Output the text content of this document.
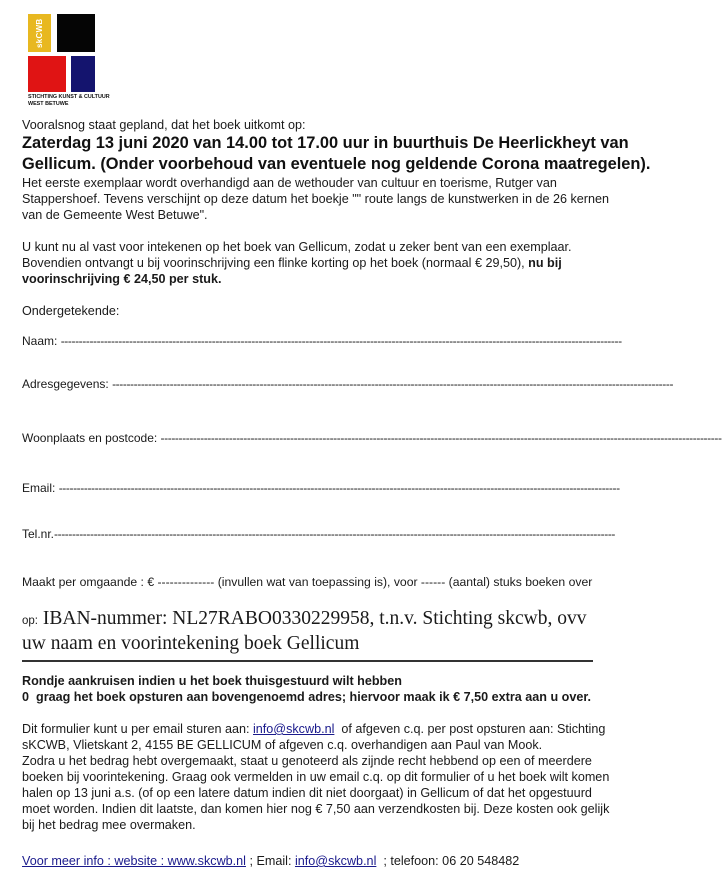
skCWB
STICHTING KUNST & CULTUUR
WEST BETUWE
Vooralsnog staat gepland, dat het boek uitkomt op:
Zaterdag 13 juni 2020 van 14.00 tot 17.00 uur in buurthuis De Heerlickheyt van
Gellicum. (Onder voorbehoud van eventuele nog geldende Corona maatregelen).
Het eerste exemplaar wordt overhandigd aan de wethouder van cultuur en toerisme, Rutger van
Stappershoef. Tevens verschijnt op deze datum het boekje "" route langs de kunstwerken in de 26 kernen
van de Gemeente West Betuwe".
U kunt nu al vast voor intekenen op het boek van Gellicum, zodat u zeker bent van een exemplaar.
Bovendien ontvangt u bij voorinschrijving een flinke korting op het boek (normaal € 29,50), nu bij
voorinschrijving € 24,50 per stuk.
Ondergetekende:
Naam: ------------------------------------------------------------------------------------------------------------------------------------------------------------
Adresgegevens: ------------------------------------------------------------------------------------------------------------------------------------------------------------
Woonplaats en postcode: ------------------------------------------------------------------------------------------------------------------------------------------------------------
Email: ------------------------------------------------------------------------------------------------------------------------------------------------------------
Tel.nr.------------------------------------------------------------------------------------------------------------------------------------------------------------
Maakt per omgaande : € -------------- (invullen wat van toepassing is), voor ------ (aantal) stuks boeken over
op: IBAN-nummer: NL27RABO0330229958, t.n.v. Stichting skcwb, ovv
uw naam en voorintekening boek Gellicum
Rondje aankruisen indien u het boek thuisgestuurd wilt hebben
0 graag het boek opsturen aan bovengenoemd adres; hiervoor maak ik € 7,50 extra aan u over.
Dit formulier kunt u per email sturen aan: info@skcwb.nl  of afgeven c.q. per post opsturen aan: Stichting
sKCWB, Vlietskant 2, 4155 BE GELLICUM of afgeven c.q. overhandigen aan Paul van Mook.
Zodra u het bedrag hebt overgemaakt, staat u genoteerd als zijnde recht hebbend op een of meerdere
boeken bij voorintekening. Graag ook vermelden in uw email c.q. op dit formulier of u het boek wilt komen
halen op 13 juni a.s. (of op een latere datum indien dit niet doorgaat) in Gellicum of dat het opgestuurd
moet worden. Indien dit laatste, dan komen hier nog € 7,50 aan verzendkosten bij. Deze kosten ook gelijk
bij het bedrag mee overmaken.
Voor meer info : website : www.skcwb.nl ; Email: info@skcwb.nl  ; telefoon: 06 20 548482
